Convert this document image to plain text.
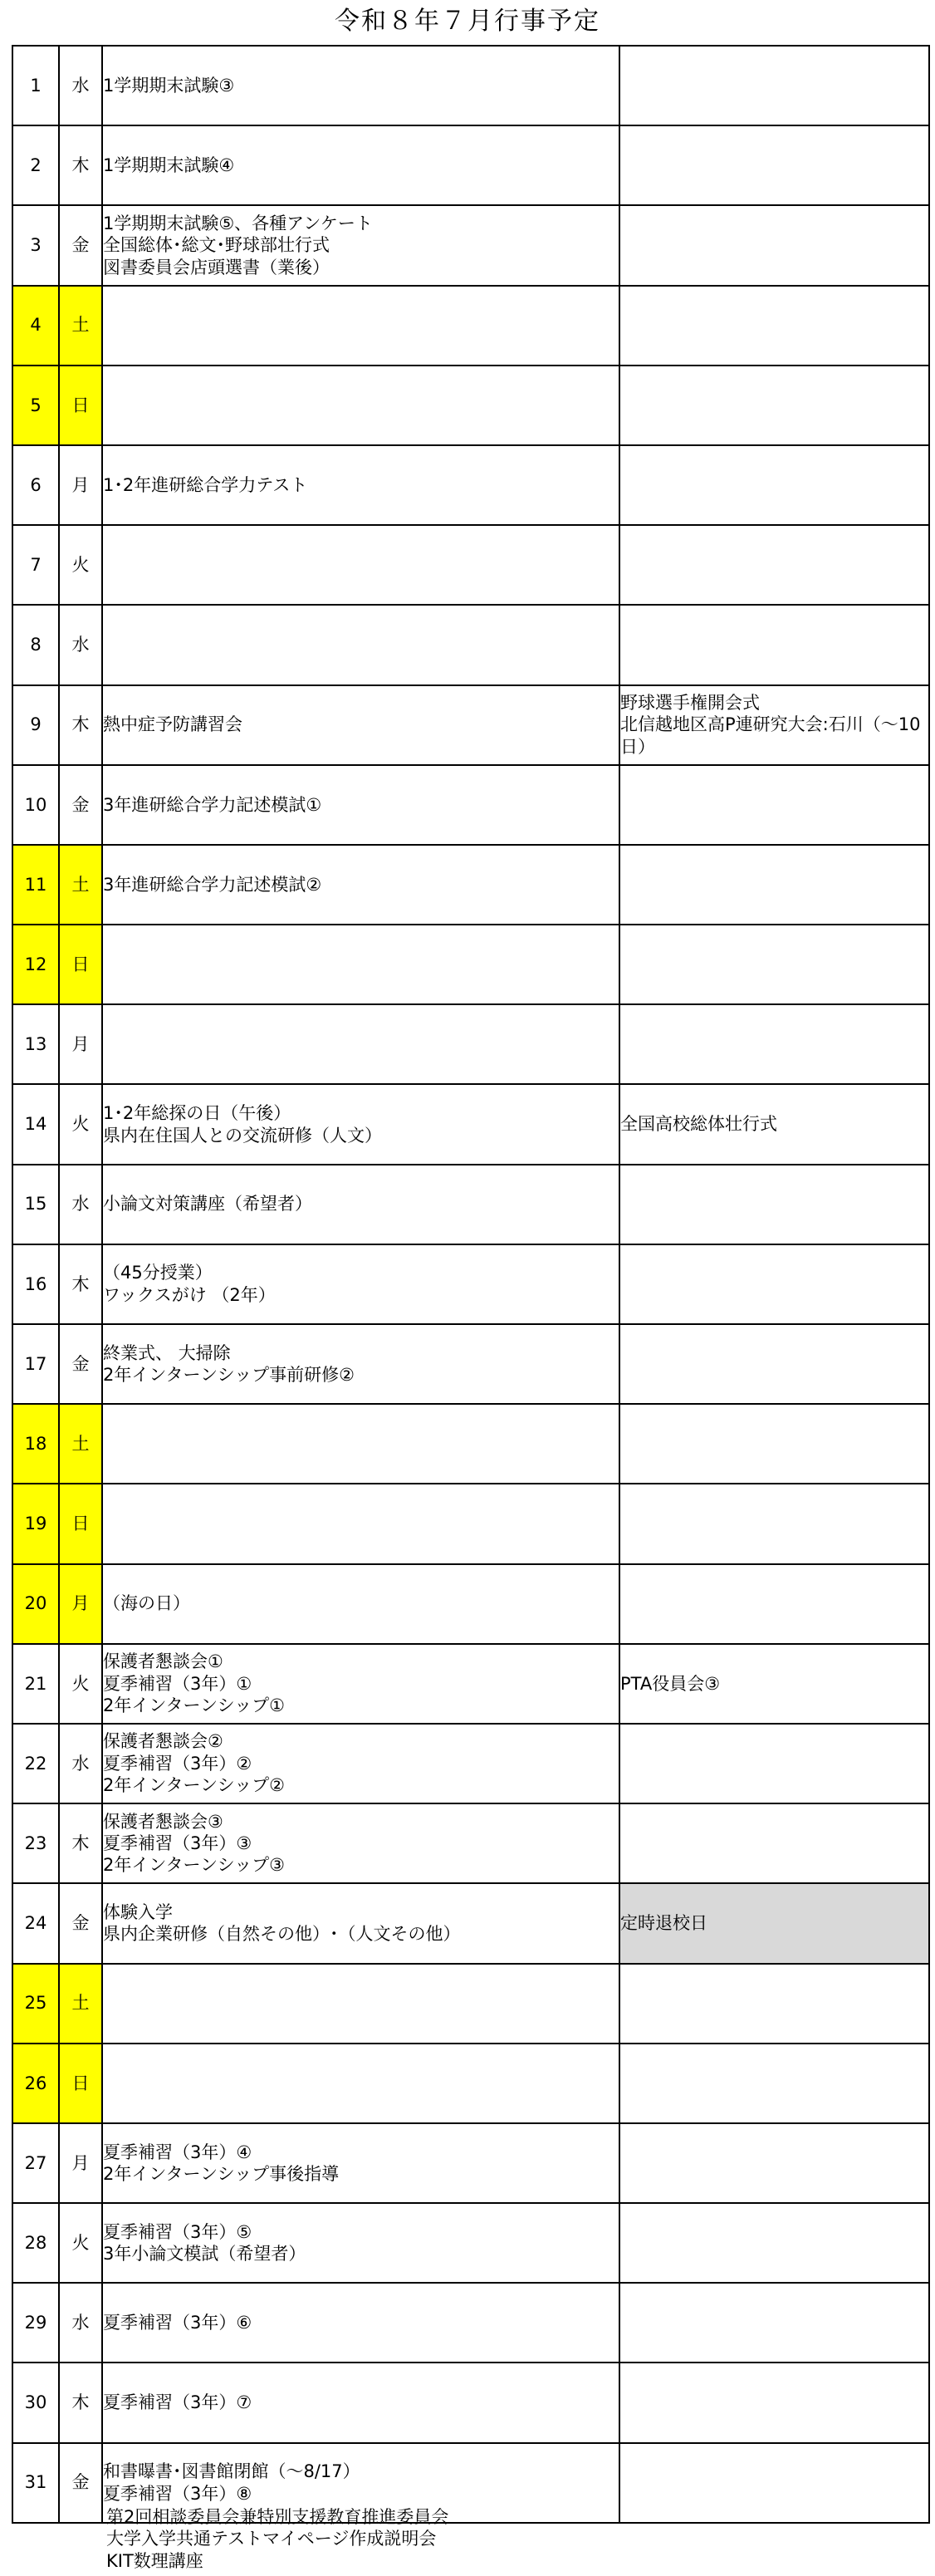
令和８年７月行事予定
1	水	1学期期末試験③	

2	木	1学期期末試験④	

3	金	1学期期末試験⑤、各種アンケート
全国総体･総文･野球部壮行式
図書委員会店頭選書（業後）	

4	土		
5	日		
6	月	1･2年進研総合学力テスト	

7	火		
8	水		
9	木	熱中症予防講習会	野球選手権開会式
北信越地区高P連研究大会:石川（～10日）

10	金	3年進研総合学力記述模試①	

11	土	3年進研総合学力記述模試②	

12	日		
13	月		
14	火	1･2年総探の日（午後）
県内在住国人との交流研修（人文）	全国高校総体壮行式

15	水	小論文対策講座（希望者）	

16	木	（45分授業）
ワックスがけ （2年）	

17	金	終業式、 大掃除
2年インターンシップ事前研修②	

18	土		
19	日		
20	月	（海の日）	

21	火	保護者懇談会①
夏季補習（3年）①
2年インターンシップ①	PTA役員会③

22	水	保護者懇談会②
夏季補習（3年）②
2年インターンシップ②	

23	木	保護者懇談会③
夏季補習（3年）③
2年インターンシップ③	

24	金	体験入学
県内企業研修（自然その他）･（人文その他）	定時退校日

25	土		
26	日		
27	月	夏季補習（3年）④
2年インターンシップ事後指導	

28	火	夏季補習（3年）⑤
3年小論文模試（希望者）	

29	水	夏季補習（3年）⑥	

30	木	夏季補習（3年）⑦	

31	金	和書曝書･図書館閉館（～8/17）
夏季補習（3年）⑧	

第2回相談委員会兼特別支援教育推進委員会
大学入学共通テストマイページ作成説明会
KIT数理講座
